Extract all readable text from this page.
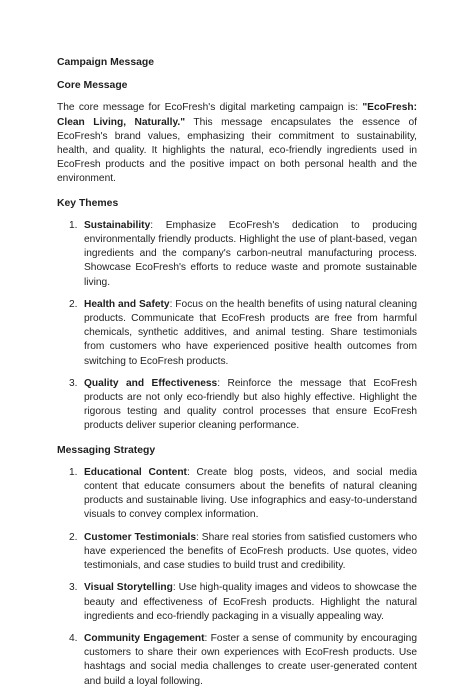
Campaign Message
Core Message

The core message for EcoFresh's digital marketing campaign is: "EcoFresh: Clean Living, Naturally." This message encapsulates the essence of EcoFresh's brand values, emphasizing their commitment to sustainability, health, and quality. It highlights the natural, eco-friendly ingredients used in EcoFresh products and the positive impact on both personal health and the environment.

Key Themes
1. Sustainability: Emphasize EcoFresh's dedication to producing environmentally friendly products. Highlight the use of plant-based, vegan ingredients and the company's carbon-neutral manufacturing process. Showcase EcoFresh's efforts to reduce waste and promote sustainable living.
2. Health and Safety: Focus on the health benefits of using natural cleaning products. Communicate that EcoFresh products are free from harmful chemicals, synthetic additives, and animal testing. Share testimonials from customers who have experienced positive health outcomes from switching to EcoFresh products.
3. Quality and Effectiveness: Reinforce the message that EcoFresh products are not only eco-friendly but also highly effective. Highlight the rigorous testing and quality control processes that ensure EcoFresh products deliver superior cleaning performance.
Messaging Strategy
1. Educational Content: Create blog posts, videos, and social media content that educate consumers about the benefits of natural cleaning products and sustainable living. Use infographics and easy-to-understand visuals to convey complex information.
2. Customer Testimonials: Share real stories from satisfied customers who have experienced the benefits of EcoFresh products. Use quotes, video testimonials, and case studies to build trust and credibility.
3. Visual Storytelling: Use high-quality images and videos to showcase the beauty and effectiveness of EcoFresh products. Highlight the natural ingredients and eco-friendly packaging in a visually appealing way.
4. Community Engagement: Foster a sense of community by encouraging customers to share their own experiences with EcoFresh products. Use hashtags and social media challenges to create user-generated content and build a loyal following.
